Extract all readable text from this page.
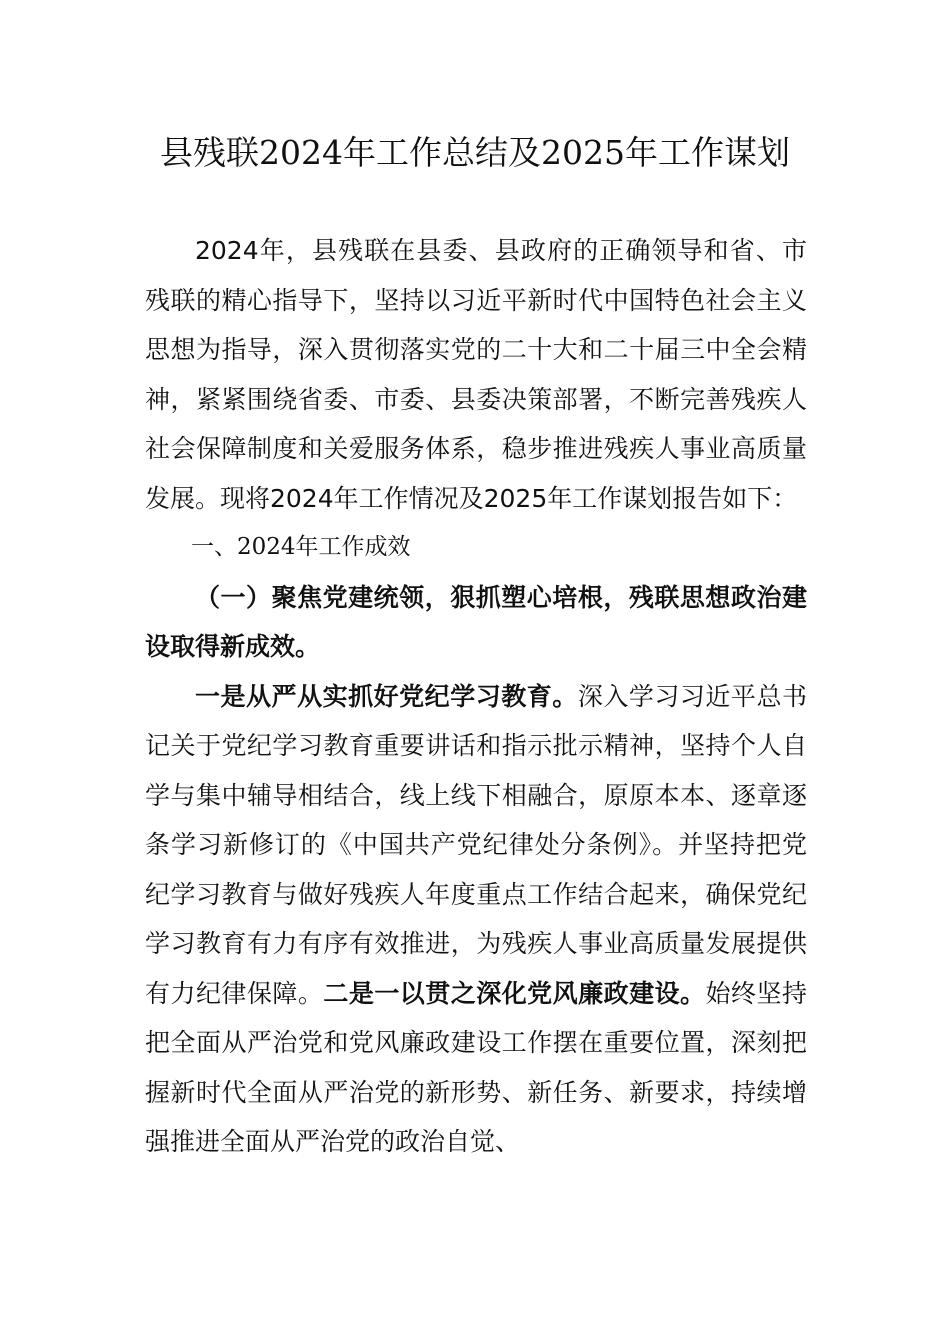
县残联2024年工作总结及2025年工作谋划

2024年，县残联在县委、县政府的正确领导和省、市残联的精心指导下，坚持以习近平新时代中国特色社会主义思想为指导，深入贯彻落实党的二十大和二十届三中全会精神，紧紧围绕省委、市委、县委决策部署，不断完善残疾人社会保障制度和关爱服务体系，稳步推进残疾人事业高质量发展。现将2024年工作情况及2025年工作谋划报告如下：

一、2024年工作成效

（一）聚焦党建统领，狠抓塑心培根，残联思想政治建设取得新成效。

一是从严从实抓好党纪学习教育。深入学习习近平总书记关于党纪学习教育重要讲话和指示批示精神，坚持个人自学与集中辅导相结合，线上线下相融合，原原本本、逐章逐条学习新修订的《中国共产党纪律处分条例》。并坚持把党纪学习教育与做好残疾人年度重点工作结合起来，确保党纪学习教育有力有序有效推进，为残疾人事业高质量发展提供有力纪律保障。二是一以贯之深化党风廉政建设。始终坚持把全面从严治党和党风廉政建设工作摆在重要位置，深刻把握新时代全面从严治党的新形势、新任务、新要求，持续增强推进全面从严治党的政治自觉、
